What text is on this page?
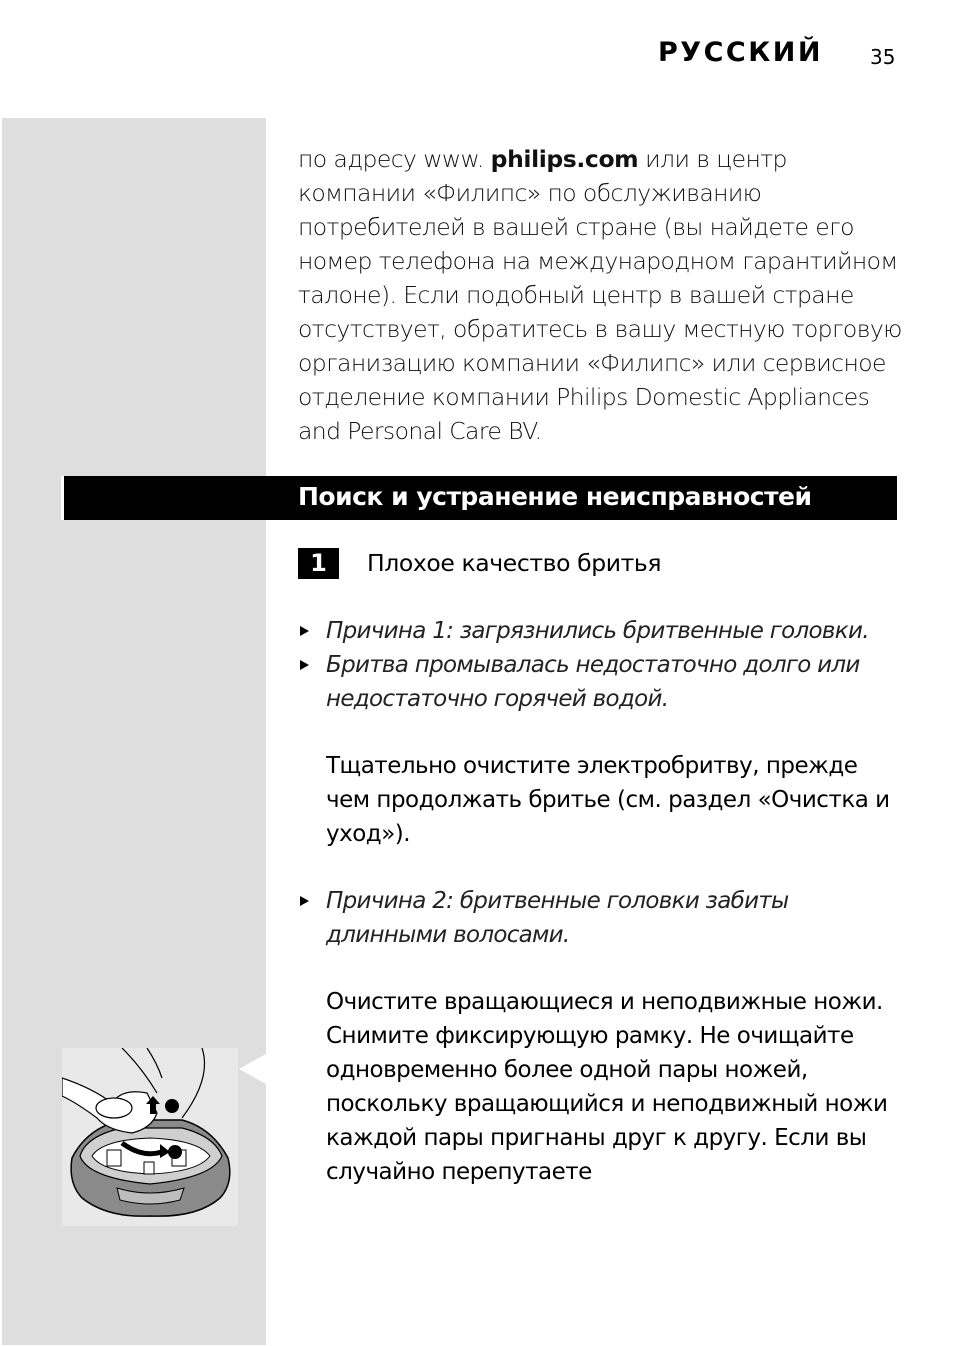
РУССКИЙ 35
по адресу www. philips.com или в центр компании «Филипс» по обслуживанию потребителей в вашей стране (вы найдете его номер телефона на международном гарантийном талоне). Если подобный центр в вашей стране отсутствует, обратитесь в вашу местную торговую организацию компании «Филипс» или сервисное отделение компании Philips Domestic Appliances and Personal Care BV.
Поиск и устранение неисправностей
1	Плохое качество бритья
Причина 1: загрязнились бритвенные головки.
Бритва промывалась недостаточно долго или недостаточно горячей водой.
Тщательно очистите электробритву, прежде чем продолжать бритье (см. раздел «Очистка и уход»).
Причина 2: бритвенные головки забиты длинными волосами.

Очистите вращающиеся и неподвижные ножи.

Снимите фиксирующую рамку. Не очищайте одновременно более одной пары ножей, поскольку вращающийся и неподвижный ножи каждой пары пригнаны друг к другу. Если вы случайно перепутаете
